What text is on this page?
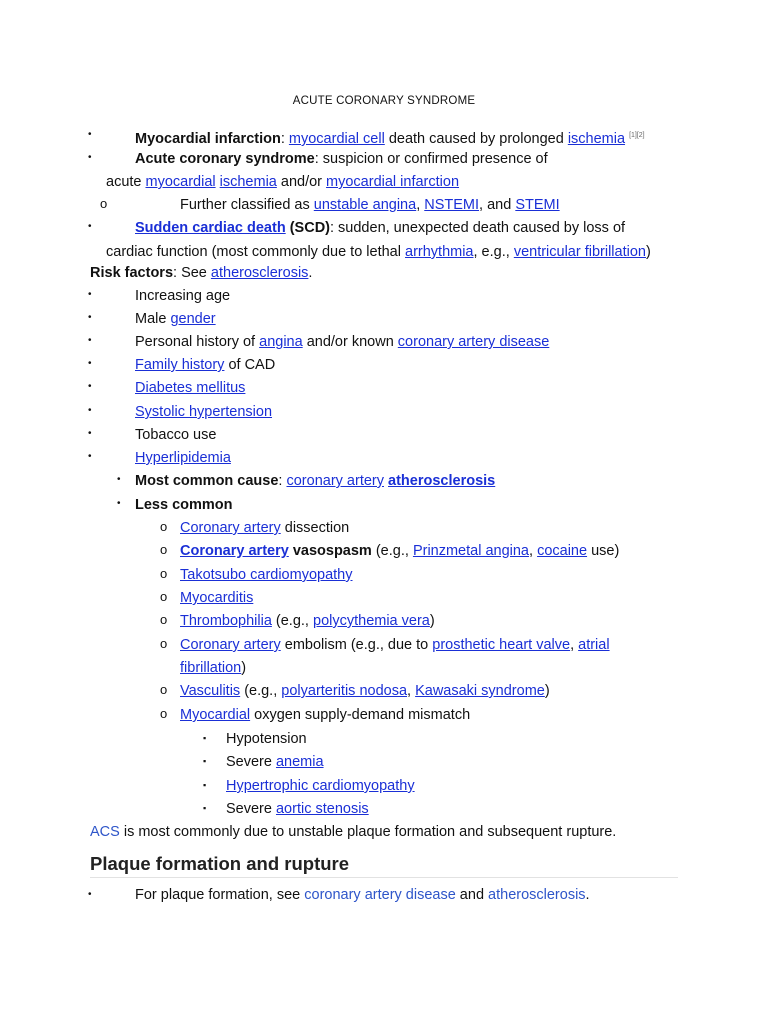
ACUTE CORONARY SYNDROME
•	Myocardial infarction: myocardial cell death caused by prolonged ischemia [1][2]
•	Acute coronary syndrome: suspicion or confirmed presence of
acute myocardial ischemia and/or myocardial infarction
o	Further classified as unstable angina, NSTEMI, and STEMI
•	Sudden cardiac death (SCD): sudden, unexpected death caused by loss of
cardiac function (most commonly due to lethal arrhythmia, e.g., ventricular fibrillation)
Risk factors: See atherosclerosis.
•	Increasing age
•	Male gender
•	Personal history of angina and/or known coronary artery disease
•	Family history of CAD
•	Diabetes mellitus
•	Systolic hypertension
•	Tobacco use
•	Hyperlipidemia
• Most common cause: coronary artery atherosclerosis
• Less common
o Coronary artery dissection
o Coronary artery vasospasm (e.g., Prinzmetal angina, cocaine use)
o Takotsubo cardiomyopathy
o Myocarditis
o Thrombophilia (e.g., polycythemia vera)
o Coronary artery embolism (e.g., due to prosthetic heart valve, atrial
fibrillation)
o Vasculitis (e.g., polyarteritis nodosa, Kawasaki syndrome)
o Myocardial oxygen supply-demand mismatch
▪ Hypotension
▪ Severe anemia
▪ Hypertrophic cardiomyopathy
▪ Severe aortic stenosis
ACS is most commonly due to unstable plaque formation and subsequent rupture.
Plaque formation and rupture
•	For plaque formation, see coronary artery disease and atherosclerosis.
